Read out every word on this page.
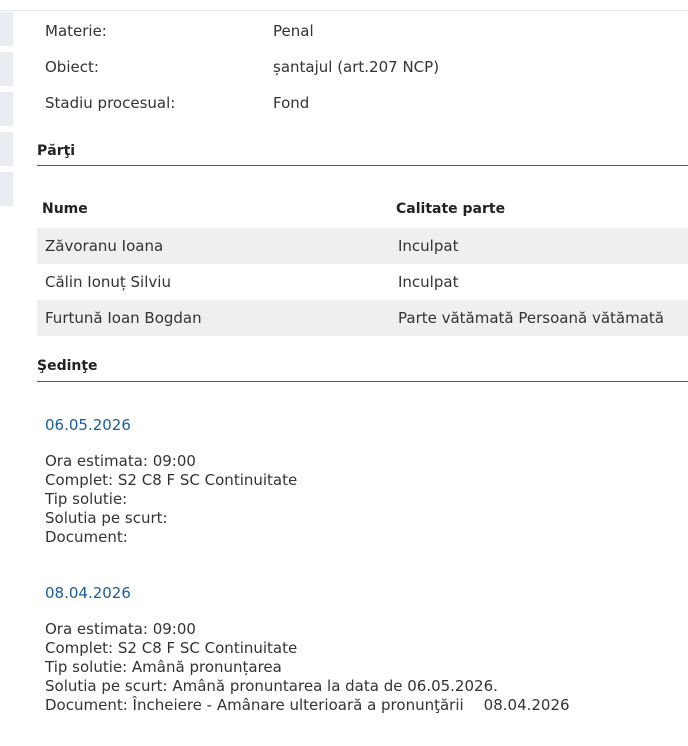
Materie:	Penal
Obiect:	șantajul (art.207 NCP)
Stadiu procesual:	Fond
Părţi
Nume	Calitate parte
Zăvoranu Ioana	Inculpat
Călin Ionuț Silviu	Inculpat
Furtună Ioan Bogdan	Parte vătămată Persoană vătămată
Şedinţe
06.05.2026
Ora estimata: 09:00
Complet: S2 C8 F SC Continuitate
Tip solutie:
Solutia pe scurt:
Document:
08.04.2026
Ora estimata: 09:00
Complet: S2 C8 F SC Continuitate
Tip solutie: Amână pronunțarea
Solutia pe scurt: Amână pronuntarea la data de 06.05.2026.
Document: Încheiere - Amânare ulterioară a pronunţării 08.04.2026
